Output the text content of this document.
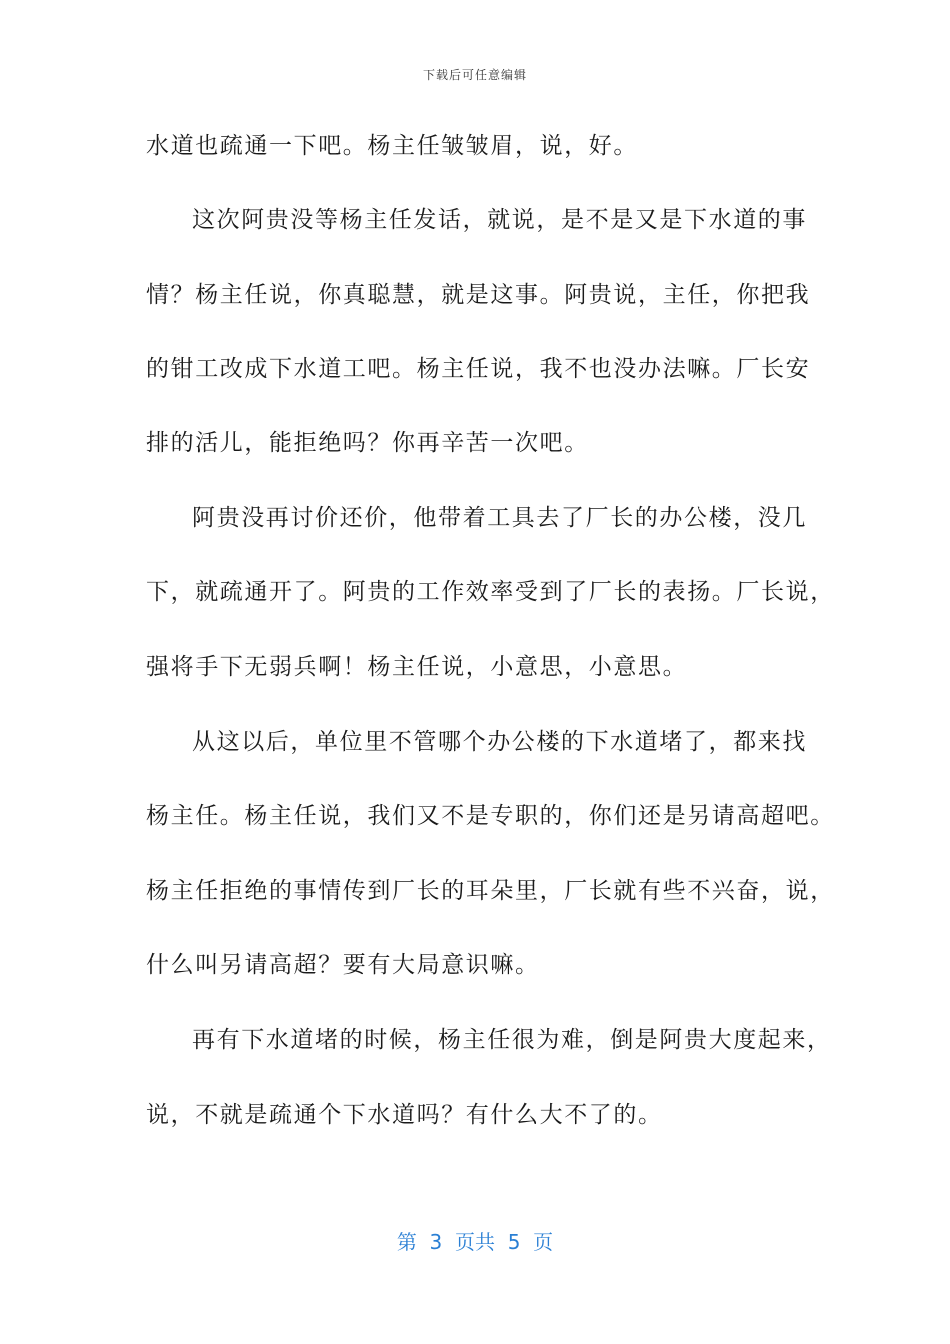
下载后可任意编辑
水道也疏通一下吧。杨主任皱皱眉，说，好。
这次阿贵没等杨主任发话，就说，是不是又是下水道的事
情？杨主任说，你真聪慧，就是这事。阿贵说，主任，你把我
的钳工改成下水道工吧。杨主任说，我不也没办法嘛。厂长安
排的活儿，能拒绝吗？你再辛苦一次吧。
阿贵没再讨价还价，他带着工具去了厂长的办公楼，没几
下，就疏通开了。阿贵的工作效率受到了厂长的表扬。厂长说，
强将手下无弱兵啊！杨主任说，小意思，小意思。
从这以后，单位里不管哪个办公楼的下水道堵了，都来找
杨主任。杨主任说，我们又不是专职的，你们还是另请高超吧。
杨主任拒绝的事情传到厂长的耳朵里，厂长就有些不兴奋，说，
什么叫另请高超？要有大局意识嘛。
再有下水道堵的时候，杨主任很为难，倒是阿贵大度起来，
说，不就是疏通个下水道吗？有什么大不了的。
第  3  页共  5  页
